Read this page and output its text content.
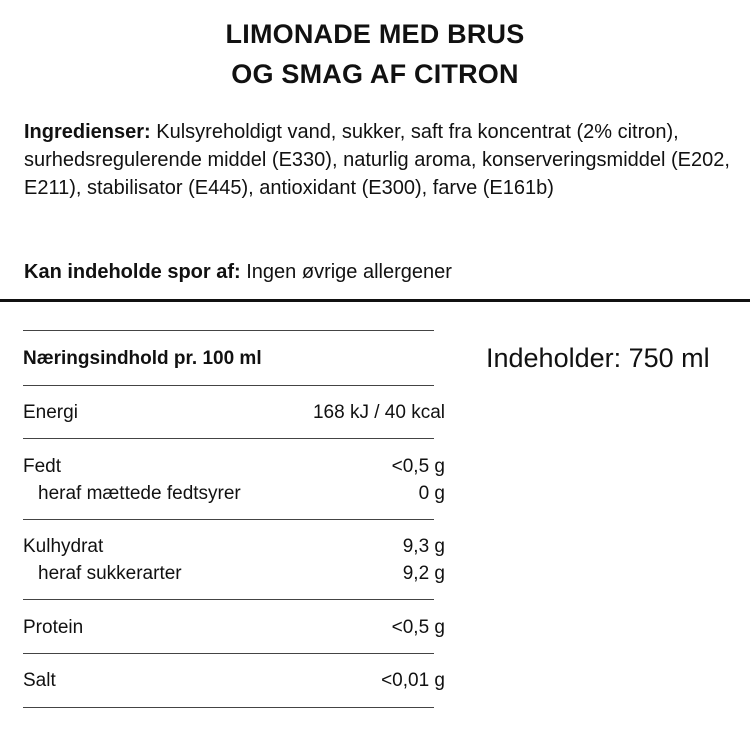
LIMONADE MED BRUS
OG SMAG AF CITRON
Ingredienser: Kulsyreholdigt vand, sukker, saft fra koncentrat (2% citron), surhedsregulerende middel (E330), naturlig aroma, konserveringsmiddel (E202, E211), stabilisator (E445), antioxidant (E300), farve (E161b)
Kan indeholde spor af: Ingen øvrige allergener
Indeholder: 750 ml
Næringsindhold pr. 100 ml
Energi	168 kJ / 40 kcal
Fedt	<0,5 g
heraf mættede fedtsyrer	0 g
Kulhydrat	9,3 g
heraf sukkerarter	9,2 g
Protein	<0,5 g
Salt	<0,01 g
